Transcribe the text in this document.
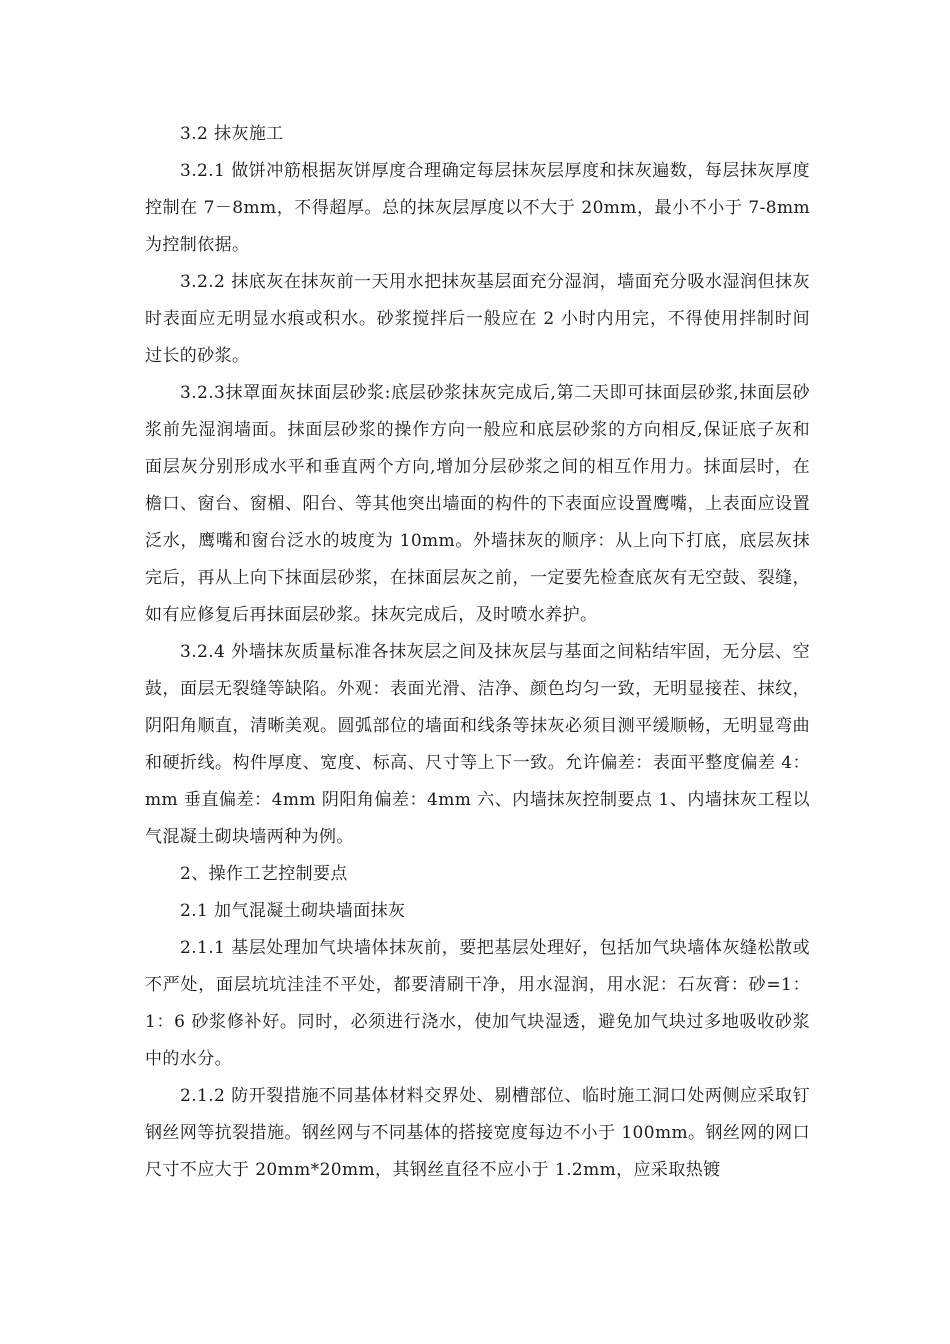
3.2 抹灰施工

3.2.1 做饼冲筋根据灰饼厚度合理确定每层抹灰层厚度和抹灰遍数，每层抹灰厚度控制在 7－8mm，不得超厚。总的抹灰层厚度以不大于 20mm，最小不小于 7-8mm 为控制依据。

3.2.2 抹底灰在抹灰前一天用水把抹灰基层面充分湿润，墙面充分吸水湿润但抹灰时表面应无明显水痕或积水。砂浆搅拌后一般应在 2 小时内用完，不得使用拌制时间过长的砂浆。

3.2.3抹罩面灰抹面层砂浆:底层砂浆抹灰完成后,第二天即可抹面层砂浆,抹面层砂浆前先湿润墙面。抹面层砂浆的操作方向一般应和底层砂浆的方向相反,保证底子灰和面层灰分别形成水平和垂直两个方向,增加分层砂浆之间的相互作用力。抹面层时，在檐口、窗台、窗楣、阳台、等其他突出墙面的构件的下表面应设置鹰嘴，上表面应设置泛水，鹰嘴和窗台泛水的坡度为 10mm。外墙抹灰的顺序：从上向下打底，底层灰抹完后，再从上向下抹面层砂浆，在抹面层灰之前，一定要先检查底灰有无空鼓、裂缝，如有应修复后再抹面层砂浆。抹灰完成后，及时喷水养护。

3.2.4 外墙抹灰质量标准各抹灰层之间及抹灰层与基面之间粘结牢固，无分层、空鼓，面层无裂缝等缺陷。外观：表面光滑、洁净、颜色均匀一致，无明显接茬、抹纹，阴阳角顺直，清晰美观。圆弧部位的墙面和线条等抹灰必须目测平缓顺畅，无明显弯曲和硬折线。构件厚度、宽度、标高、尺寸等上下一致。允许偏差：表面平整度偏差 4：mm 垂直偏差：4mm 阴阳角偏差：4mm 六、内墙抹灰控制要点 1、内墙抹灰工程以气混凝土砌块墙两种为例。

2、操作工艺控制要点

2.1 加气混凝土砌块墙面抹灰

2.1.1 基层处理加气块墙体抹灰前，要把基层处理好，包括加气块墙体灰缝松散或不严处，面层坑坑洼洼不平处，都要清刷干净，用水湿润，用水泥：石灰膏：砂=1：1：6 砂浆修补好。同时，必须进行浇水，使加气块湿透，避免加气块过多地吸收砂浆中的水分。

2.1.2 防开裂措施不同基体材料交界处、剔槽部位、临时施工洞口处两侧应采取钉钢丝网等抗裂措施。钢丝网与不同基体的搭接宽度每边不小于 100mm。钢丝网的网口尺寸不应大于 20mm*20mm，其钢丝直径不应小于 1.2mm，应采取热镀
